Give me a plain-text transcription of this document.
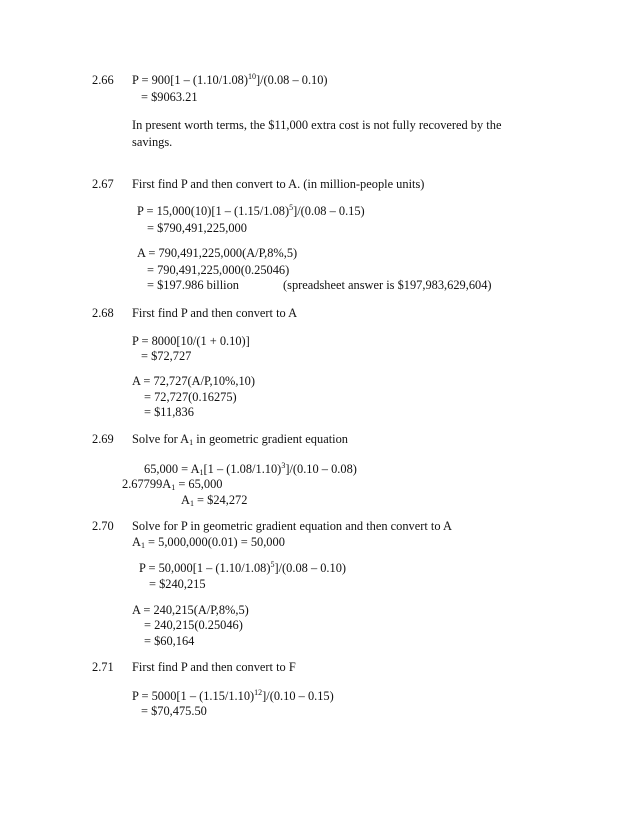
2.66 $P = 900[1 - (1.10/1.08)^{10}]/(0.08 - 0.10)$
= $9063.21
In present worth terms, the $11,000 extra cost is not fully recovered by the
savings.
2.67 First find P and then convert to A. (in million-people units)
$P = 15,000(10)[1 - (1.15/1.08)^5]/(0.08 - 0.15)$
= $790,491,225,000
A = 790,491,225,000(A/P,8%,5)
= 790,491,225,000(0.25046)
= $197.986 billion	(spreadsheet answer is $197,983,629,604)
2.68 First find P and then convert to A
P = 8000[10/(1 + 0.10)]
= $72,727
A = 72,727(A/P,10%,10)
= 72,727(0.16275)
= $11,836
2.69 Solve for $A_1$ in geometric gradient equation
$65,000 = A_1[1 - (1.08/1.10)^3]/(0.10 - 0.08)$
$2.67799A_1 = 65,000$
$A_1$ = $24,272
2.70 Solve for P in geometric gradient equation and then convert to A
$A_1 = 5,000,000(0.01) = 50,000$
$P = 50,000[1 - (1.10/1.08)^5]/(0.08 - 0.10)$
= $240,215
A = 240,215(A/P,8%,5)
= 240,215(0.25046)
= $60,164
2.71 First find P and then convert to F
$P = 5000[1 - (1.15/1.10)^{12}]/(0.10 - 0.15)$
= $70,475.50
